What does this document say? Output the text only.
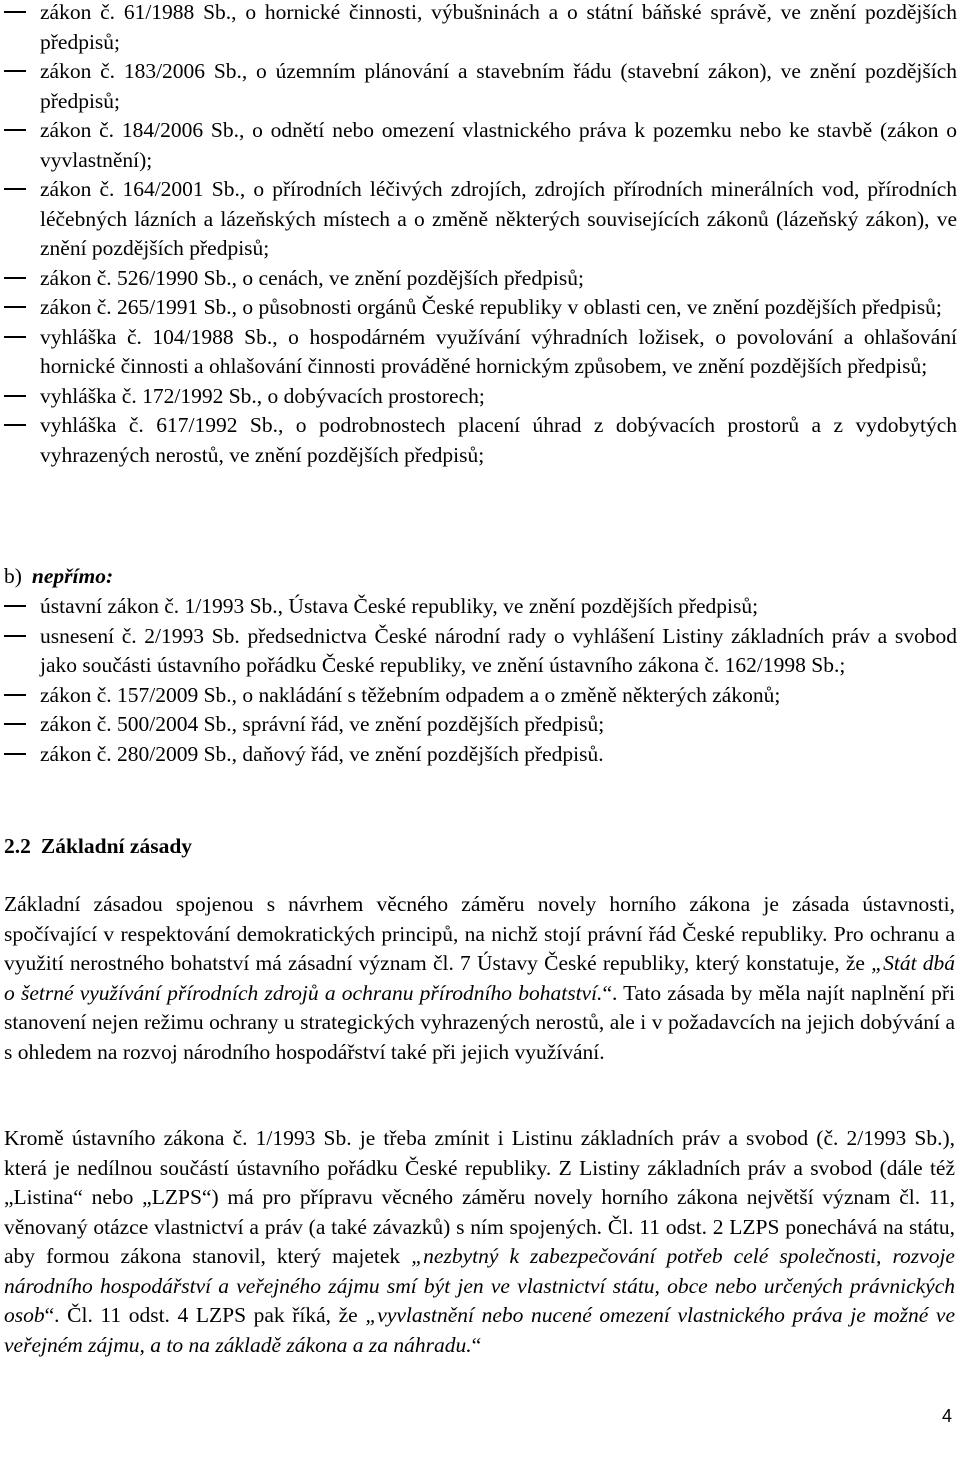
zákon č. 61/1988 Sb., o hornické činnosti, výbušninách a o státní báňské správě, ve znění pozdějších předpisů;
zákon č. 183/2006 Sb., o územním plánování a stavebním řádu (stavební zákon), ve znění pozdějších předpisů;
zákon č. 184/2006 Sb., o odnětí nebo omezení vlastnického práva k pozemku nebo ke stavbě (zákon o vyvlastnění);
zákon č. 164/2001 Sb., o přírodních léčivých zdrojích, zdrojích přírodních minerálních vod, přírodních léčebných lázních a lázeňských místech a o změně některých souvisejících zákonů (lázeňský zákon), ve znění pozdějších předpisů;
zákon č. 526/1990 Sb., o cenách, ve znění pozdějších předpisů;
zákon č. 265/1991 Sb., o působnosti orgánů České republiky v oblasti cen, ve znění pozdějších předpisů;
vyhláška č. 104/1988 Sb., o hospodárném využívání výhradních ložisek, o povolování a ohlašování hornické činnosti a ohlašování činnosti prováděné hornickým způsobem, ve znění pozdějších předpisů;
vyhláška č. 172/1992 Sb., o dobývacích prostorech;
vyhláška č. 617/1992 Sb., o podrobnostech placení úhrad z dobývacích prostorů a z vydobytých vyhrazených nerostů, ve znění pozdějších předpisů;
b) nepřímo:
ústavní zákon č. 1/1993 Sb., Ústava České republiky, ve znění pozdějších předpisů;
usnesení č. 2/1993 Sb. předsednictva České národní rady o vyhlášení Listiny základních práv a svobod jako součásti ústavního pořádku České republiky, ve znění ústavního zákona č. 162/1998 Sb.;
zákon č. 157/2009 Sb., o nakládání s těžebním odpadem a o změně některých zákonů;
zákon č. 500/2004 Sb., správní řád, ve znění pozdějších předpisů;
zákon č. 280/2009 Sb., daňový řád, ve znění pozdějších předpisů.
2.2 Základní zásady
Základní zásadou spojenou s návrhem věcného záměru novely horního zákona je zásada ústavnosti, spočívající v respektování demokratických principů, na nichž stojí právní řád České republiky. Pro ochranu a využití nerostného bohatství má zásadní význam čl. 7 Ústavy České republiky, který konstatuje, že „Stát dbá o šetrné využívání přírodních zdrojů a ochranu přírodního bohatství.“. Tato zásada by měla najít naplnění při stanovení nejen režimu ochrany u strategických vyhrazených nerostů, ale i v požadavcích na jejich dobývání a s ohledem na rozvoj národního hospodářství také při jejich využívání.
Kromě ústavního zákona č. 1/1993 Sb. je třeba zmínit i Listinu základních práv a svobod (č. 2/1993 Sb.), která je nedílnou součástí ústavního pořádku České republiky. Z Listiny základních práv a svobod (dále též „Listina“ nebo „LZPS“) má pro přípravu věcného záměru novely horního zákona největší význam čl. 11, věnovaný otázce vlastnictví a práv (a také závazků) s ním spojených. Čl. 11 odst. 2 LZPS ponechává na státu, aby formou zákona stanovil, který majetek „nezbytný k zabezpečování potřeb celé společnosti, rozvoje národního hospodářství a veřejného zájmu smí být jen ve vlastnictví státu, obce nebo určených právnických osob“. Čl. 11 odst. 4 LZPS pak říká, že „vyvlastnění nebo nucené omezení vlastnického práva je možné ve veřejném zájmu, a to na základě zákona a za náhradu.“
4
